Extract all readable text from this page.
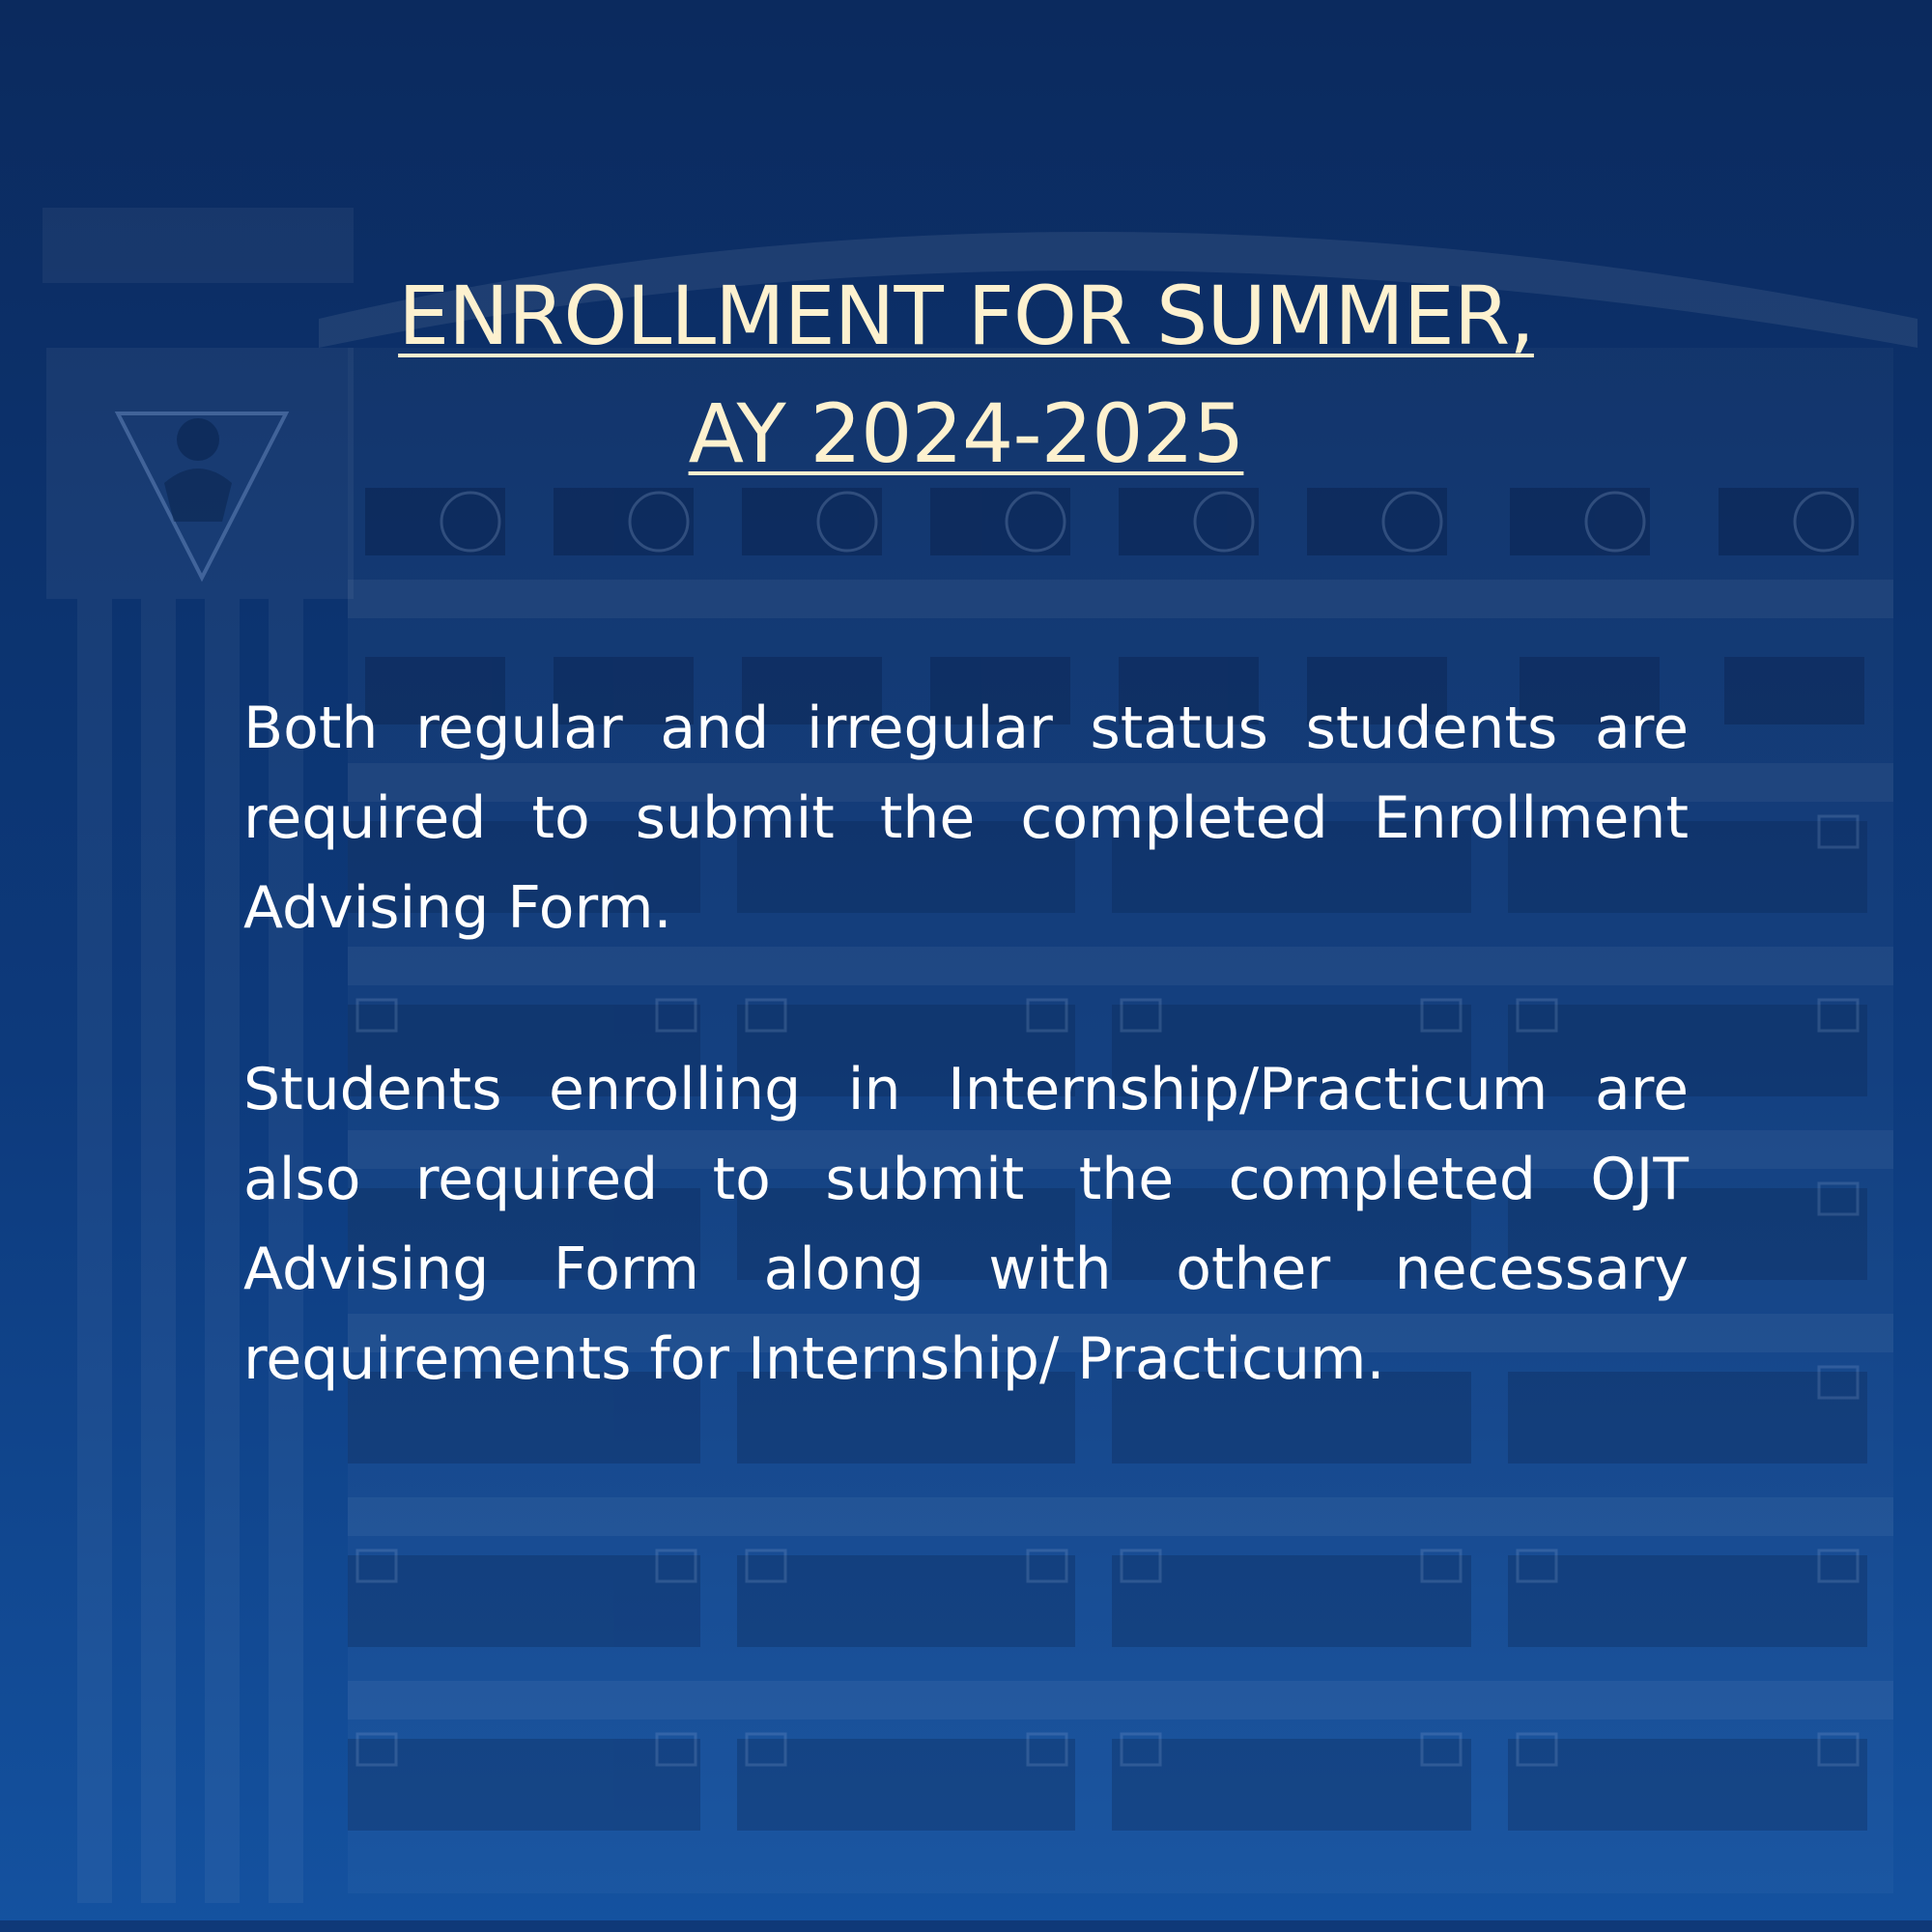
ENROLLMENT FOR SUMMER,
AY 2024-2025
Both regular and irregular status students are required to submit the completed Enrollment Advising Form.
Students enrolling in Internship/Practicum are also required to submit the completed OJT Advising Form along with other necessary requirements for Internship/ Practicum.
